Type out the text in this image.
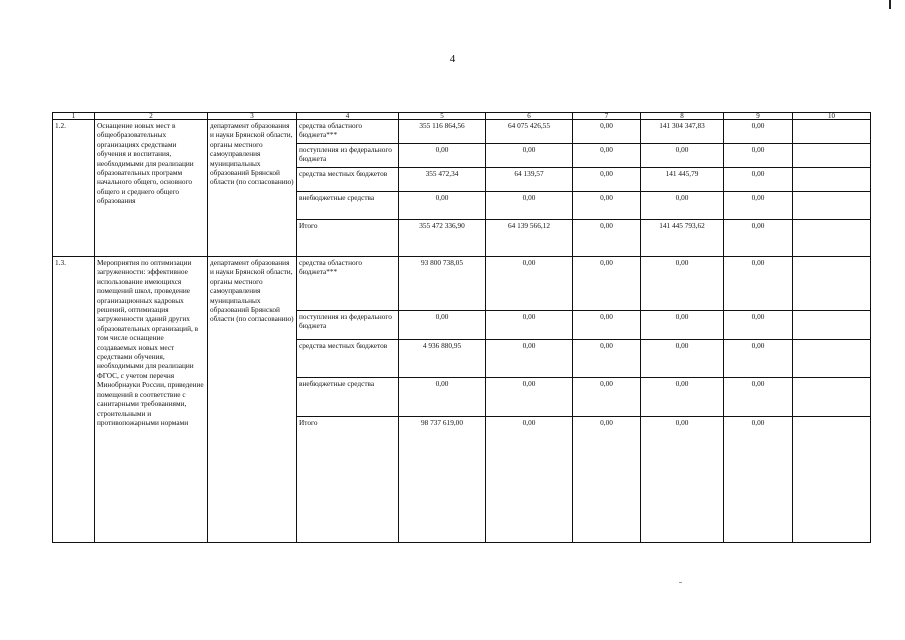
4
1	2	3	4	5	6	7	8	9	10
1.2.	Оснащение новых мест в общеобразовательных организациях средствами обучения и воспитания, необходимыми для реализации образовательных программ начального общего, основного общего и среднего общего образования	департамент образования и науки Брянской области, органы местного самоуправления муниципальных образований Брянской области (по согласованию)	средства областного бюджета***	355 116 864,56	64 075 426,55	0,00	141 304 347,83	0,00	
			поступления из федерального бюджета	0,00	0,00	0,00	0,00	0,00	
			средства местных бюджетов	355 472,34	64 139,57	0,00	141 445,79	0,00	
			внебюджетные средства	0,00	0,00	0,00	0,00	0,00	
			Итого	355 472 336,90	64 139 566,12	0,00	141 445 793,62	0,00	
1.3.	Мероприятия по оптимизации загруженности: эффективное использование имеющихся помещений школ, проведение организационных кадровых решений, оптимизация загруженности зданий других образовательных организаций, в том числе оснащение создаваемых новых мест средствами обучения, необходимыми для реализации ФГОС, с учетом перечня Минобрнауки России, приведение помещений в соответствие с санитарными требованиями, строительными и противопожарными нормами	департамент образования и науки Брянской области, органы местного самоуправления муниципальных образований Брянской области (по согласованию)	средства областного бюджета***	93 800 738,05	0,00	0,00	0,00	0,00	
			поступления из федерального бюджета	0,00	0,00	0,00	0,00	0,00	
			средства местных бюджетов	4 936 880,95	0,00	0,00	0,00	0,00	
			внебюджетные средства	0,00	0,00	0,00	0,00	0,00	
			Итого	98 737 619,00	0,00	0,00	0,00	0,00	
